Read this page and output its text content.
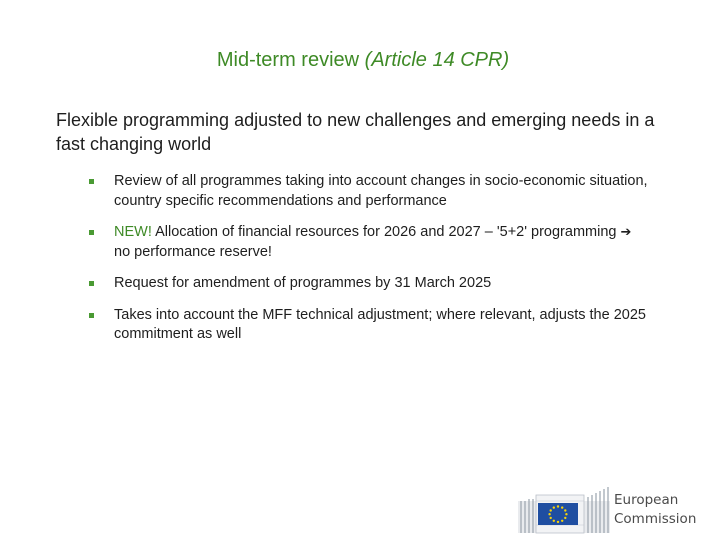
Mid-term review (Article 14 CPR)
Flexible programming adjusted to new challenges and emerging needs in a fast changing world
Review of all programmes taking into account changes in socio-economic situation, country specific recommendations and performance
NEW! Allocation of financial resources for 2026 and 2027 – '5+2' programming ➔ no performance reserve!
Request for amendment of programmes by 31 March 2025
Takes into account the MFF technical adjustment; where relevant, adjusts the 2025 commitment as well
European
Commission
